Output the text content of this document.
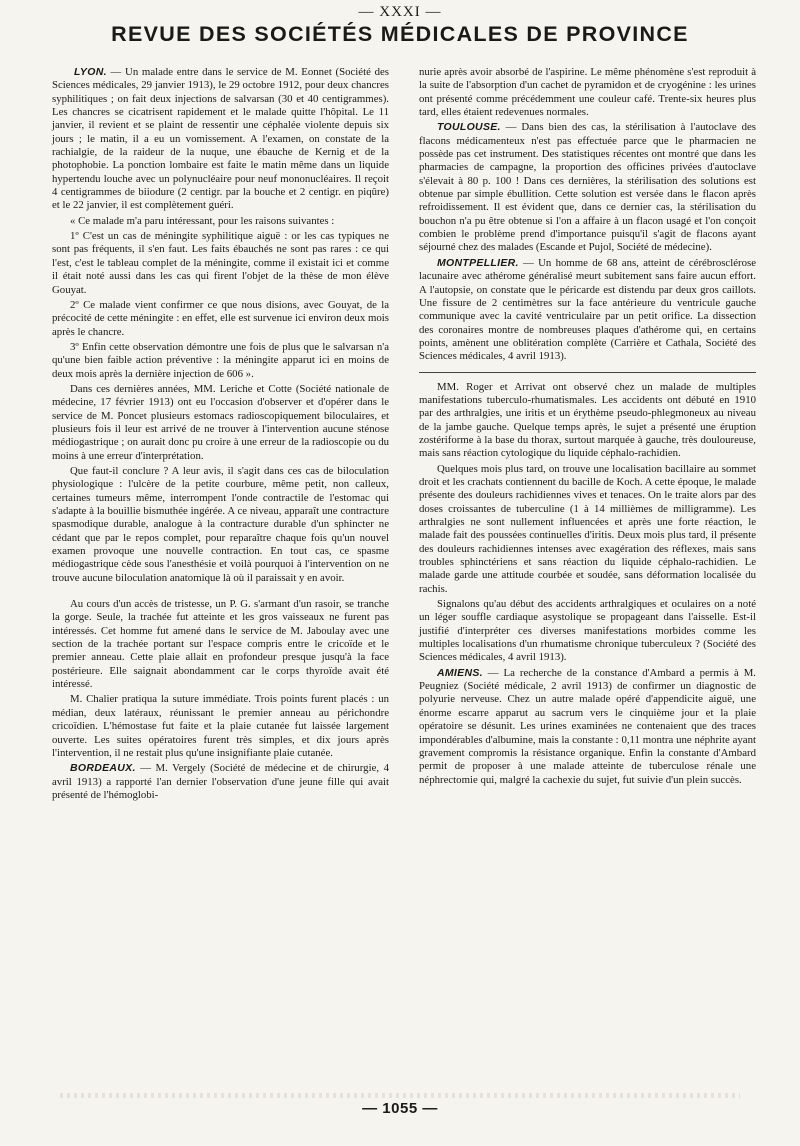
— XXXI —
REVUE DES SOCIÉTÉS MÉDICALES DE PROVINCE

LYON. — Un malade entre dans le service de M. Eonnet (Société des Sciences médicales, 29 janvier 1913), le 29 octobre 1912, pour deux chancres syphilitiques ; on fait deux injections de salvarsan (30 et 40 centigrammes). Les chancres se cicatrisent rapidement et le malade quitte l'hôpital. Le 11 janvier, il revient et se plaint de ressentir une céphalée violente depuis six jours ; le matin, il a eu un vomissement. A l'examen, on constate de la rachialgie, de la raideur de la nuque, une ébauche de Kernig et de la photophobie. La ponction lombaire est faite le matin même dans un liquide hypertendu louche avec un polynucléaire pour neuf mononucléaires. Il reçoit 4 centigrammes de biiodure (2 centigr. par la bouche et 2 centigr. en piqûre) et le 22 janvier, il est complètement guéri.

« Ce malade m'a paru intéressant, pour les raisons suivantes :

1º C'est un cas de méningite syphilitique aiguë : or les cas typiques ne sont pas fréquents, il s'en faut. Les faits ébauchés ne sont pas rares : ce qui l'est, c'est le tableau complet de la méningite, comme il existait ici et comme il était noté aussi dans les cas qui firent l'objet de la thèse de mon élève Gouyat.

2º Ce malade vient confirmer ce que nous disions, avec Gouyat, de la précocité de cette méningite : en effet, elle est survenue ici environ deux mois après le chancre.

3º Enfin cette observation démontre une fois de plus que le salvarsan n'a qu'une bien faible action préventive : la méningite apparut ici en moins de deux mois après la dernière injection de 606 ».

Dans ces dernières années, MM. Leriche et Cotte (Société nationale de médecine, 17 février 1913) ont eu l'occasion d'observer et d'opérer dans le service de M. Poncet plusieurs estomacs radioscopiquement biloculaires, et plusieurs fois il leur est arrivé de ne trouver à l'intervention aucune sténose médiogastrique ; on aurait donc pu croire à une erreur de la radioscopie ou du moins à une erreur d'interprétation.

Que faut-il conclure ? A leur avis, il s'agit dans ces cas de biloculation physiologique : l'ulcère de la petite courbure, même petit, non calleux, certaines tumeurs même, interrompent l'onde contractile de l'estomac qui s'adapte à la bouillie bismuthée ingérée. A ce niveau, apparaît une contracture spasmodique durable, analogue à la contracture durable d'un sphincter ne cédant que par le repos complet, pour reparaître chaque fois qu'un nouvel examen provoque une nouvelle contraction. En tout cas, ce spasme médiogastrique cède sous l'anesthésie et voilà pourquoi à l'intervention on ne trouve aucune biloculation anatomique là où il paraissait y en avoir.

Au cours d'un accès de tristesse, un P. G. s'armant d'un rasoir, se tranche la gorge. Seule, la trachée fut atteinte et les gros vaisseaux ne furent pas intéressés. Cet homme fut amené dans le service de M. Jaboulay avec une section de la trachée portant sur l'espace compris entre le cricoïde et le premier anneau. Cette plaie allait en profondeur presque jusqu'à la face postérieure. Elle saignait abondamment car le corps thyroïde avait été intéressé.

M. Chalier pratiqua la suture immédiate. Trois points furent placés : un médian, deux latéraux, réunissant le premier anneau au périchondre cricoïdien. L'hémostase fut faite et la plaie cutanée fut laissée largement ouverte. Les suites opératoires furent très simples, et dix jours après l'intervention, il ne restait plus qu'une insignifiante plaie cutanée.

BORDEAUX. — M. Vergely (Société de médecine et de chirurgie, 4 avril 1913) a rapporté l'an dernier l'observation d'une jeune fille qui avait présenté de l'hémoglobi-

nurie après avoir absorbé de l'aspirine. Le même phénomène s'est reproduit à la suite de l'absorption d'un cachet de pyramidon et de cryogénine : les urines ont présenté comme précédemment une couleur café. Trente-six heures plus tard, elles étaient redevenues normales.

TOULOUSE. — Dans bien des cas, la stérilisation à l'autoclave des flacons médicamenteux n'est pas effectuée parce que le pharmacien ne possède pas cet instrument. Des statistiques récentes ont montré que dans les pharmacies de campagne, la proportion des officines privées d'autoclave s'élevait à 80 p. 100 ! Dans ces dernières, la stérilisation des solutions est obtenue par simple ébullition. Cette solution est versée dans le flacon après refroidissement. Il est évident que, dans ce dernier cas, la stérilisation du bouchon n'a pu être obtenue si l'on a affaire à un flacon usagé et l'on conçoit combien le problème prend d'importance puisqu'il s'agit de flacons ayant séjourné chez des malades (Escande et Pujol, Société de médecine).

MONTPELLIER. — Un homme de 68 ans, atteint de cérébrosclérose lacunaire avec athérome généralisé meurt subitement sans faire aucun effort. A l'autopsie, on constate que le péricarde est distendu par deux gros caillots. Une fissure de 2 centimètres sur la face antérieure du ventricule gauche communique avec la cavité ventriculaire par un petit orifice. La dissection des coronaires montre de nombreuses plaques d'athérome qui, en certains points, amènent une oblitération complète (Carrière et Cathala, Société des Sciences médicales, 4 avril 1913).

MM. Roger et Arrivat ont observé chez un malade de multiples manifestations tuberculo-rhumatismales. Les accidents ont débuté en 1910 par des arthralgies, une iritis et un érythème pseudo-phlegmoneux au niveau de la jambe gauche. Quelque temps après, le sujet a présenté une éruption zostériforme à la base du thorax, surtout marquée à gauche, très douloureuse, mais sans réaction cytologique du liquide céphalo-rachidien.

Quelques mois plus tard, on trouve une localisation bacillaire au sommet droit et les crachats contiennent du bacille de Koch. A cette époque, le malade présente des douleurs rachidiennes vives et tenaces. On le traite alors par des doses croissantes de tuberculine (1 à 14 millièmes de milligramme). Les arthralgies ne sont nullement influencées et après une forte réaction, le malade fait des poussées continuelles d'iritis. Deux mois plus tard, il présente des douleurs rachidiennes intenses avec exagération des réflexes, mais sans troubles sphinctériens et sans réaction du liquide céphalo-rachidien. Le malade garde une attitude courbée et soudée, sans déformation localisée du rachis.

Signalons qu'au début des accidents arthralgiques et oculaires on a noté un léger souffle cardiaque asystolique se propageant dans l'aisselle. Est-il justifié d'interpréter ces diverses manifestations morbides comme les multiples localisations d'un rhumatisme chronique tuberculeux ? (Société des Sciences médicales, 4 avril 1913).

AMIENS. — La recherche de la constance d'Ambard a permis à M. Peugniez (Société médicale, 2 avril 1913) de confirmer un diagnostic de polyurie nerveuse. Chez un autre malade opéré d'appendicite aiguë, une énorme escarre apparut au sacrum vers le cinquième jour et la plaie opératoire se désunit. Les urines examinées ne contenaient que des traces impondérables d'albumine, mais la constante : 0,11 montra une néphrite ayant gravement compromis la résistance organique. Enfin la constante d'Ambard permit de proposer à une malade atteinte de tuberculose rénale une néphrectomie qui, malgré la cachexie du sujet, fut suivie d'un plein succès.

— 1055 —
